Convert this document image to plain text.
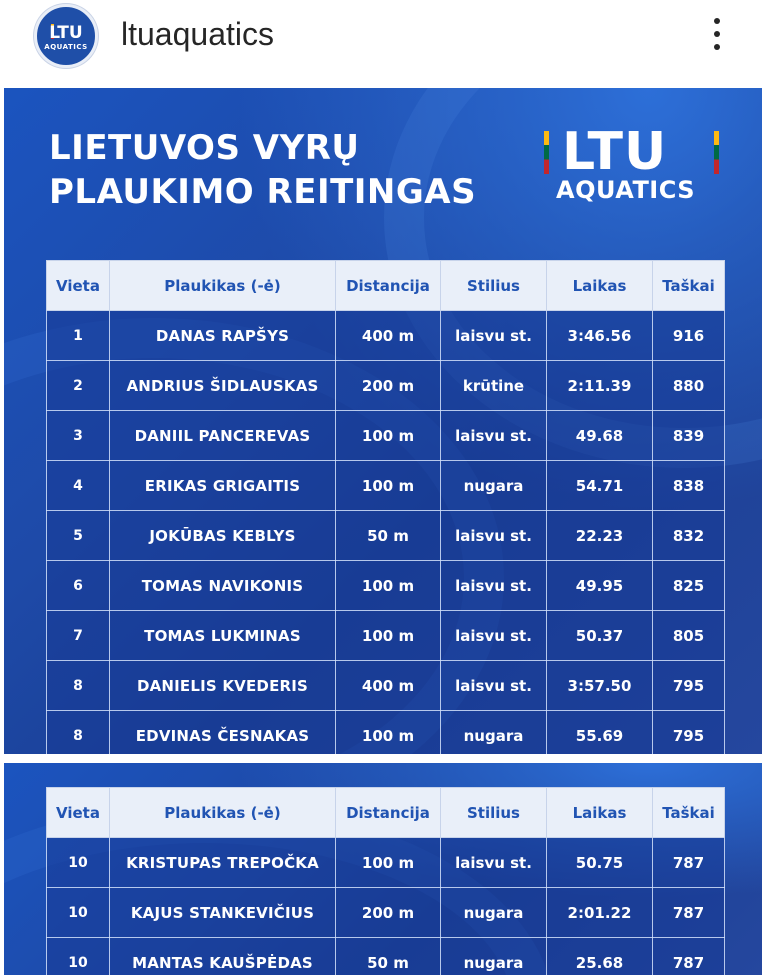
LTU
AQUATICS ltuaquatics
LIETUVOS VYRŲ
PLAUKIMO REITINGAS
LTU
AQUATICS
Vieta	Plaukikas (-ė)	Distancija	Stilius	Laikas	Taškai
1	DANAS RAPŠYS	400 m	laisvu st.	3:46.56	916
2	ANDRIUS ŠIDLAUSKAS	200 m	krūtine	2:11.39	880
3	DANIIL PANCEREVAS	100 m	laisvu st.	49.68	839
4	ERIKAS GRIGAITIS	100 m	nugara	54.71	838
5	JOKŪBAS KEBLYS	50 m	laisvu st.	22.23	832
6	TOMAS NAVIKONIS	100 m	laisvu st.	49.95	825
7	TOMAS LUKMINAS	100 m	laisvu st.	50.37	805
8	DANIELIS KVEDERIS	400 m	laisvu st.	3:57.50	795
8	EDVINAS ČESNAKAS	100 m	nugara	55.69	795
Vieta	Plaukikas (-ė)	Distancija	Stilius	Laikas	Taškai
10	KRISTUPAS TREPOČKA	100 m	laisvu st.	50.75	787
10	KAJUS STANKEVIČIUS	200 m	nugara	2:01.22	787
10	MANTAS KAUŠPĖDAS	50 m	nugara	25.68	787
